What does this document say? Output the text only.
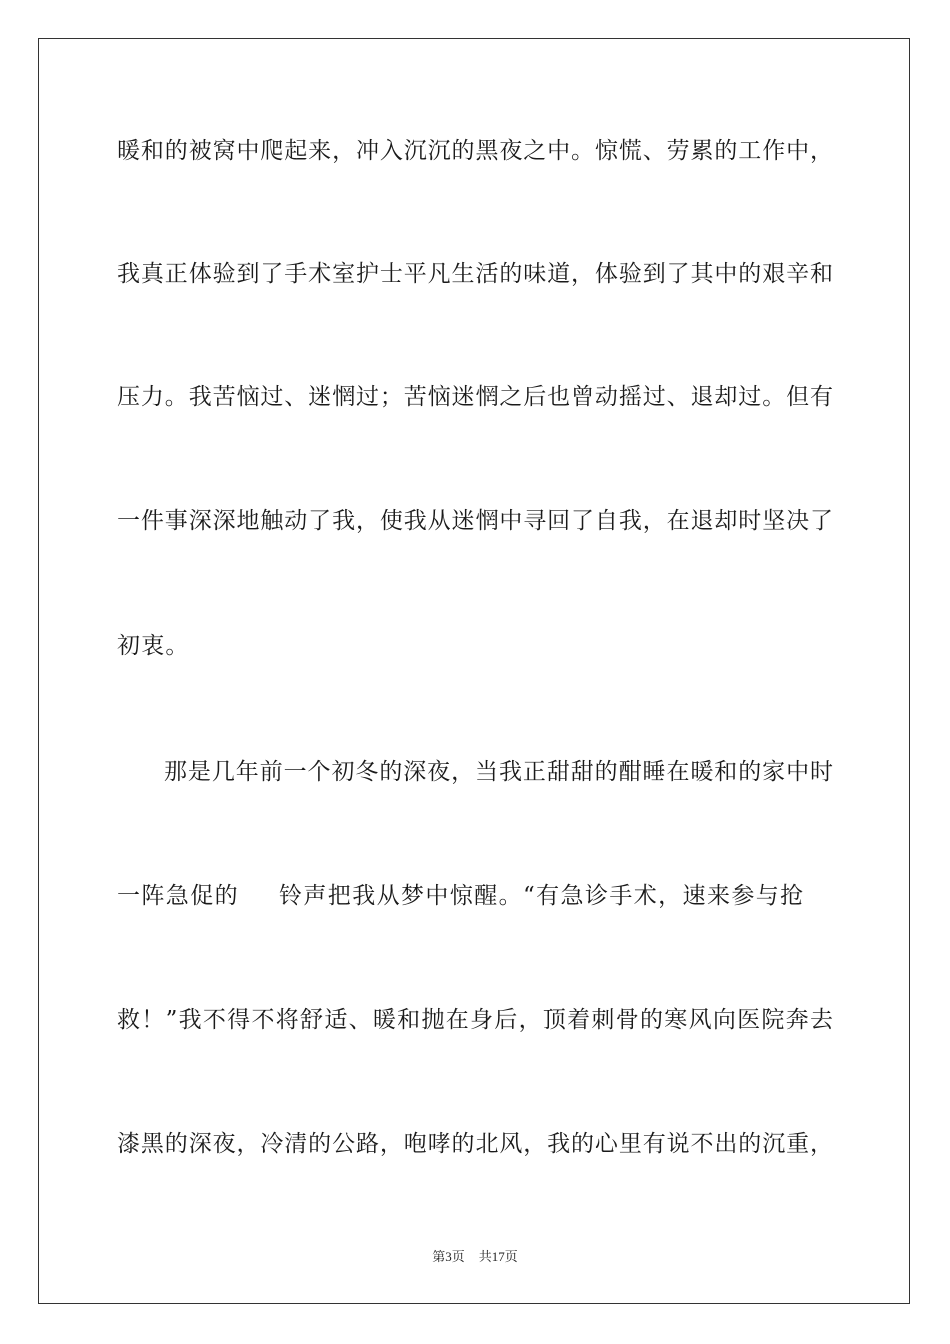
暖和的被窝中爬起来，冲入沉沉的黑夜之中。惊慌、劳累的工作中，
我真正体验到了手术室护士平凡生活的味道，体验到了其中的艰辛和
压力。我苦恼过、迷惘过；苦恼迷惘之后也曾动摇过、退却过。但有
一件事深深地触动了我，使我从迷惘中寻回了自我，在退却时坚决了
初衷。
那是几年前一个初冬的深夜，当我正甜甜的酣睡在暖和的家中时
一阵急促的 铃声把我从梦中惊醒。“有急诊手术，速来参与抢
救！”我不得不将舒适、暖和抛在身后，顶着刺骨的寒风向医院奔去
漆黑的深夜，冷清的公路，咆哮的北风，我的心里有说不出的沉重，
第3页 共17页
